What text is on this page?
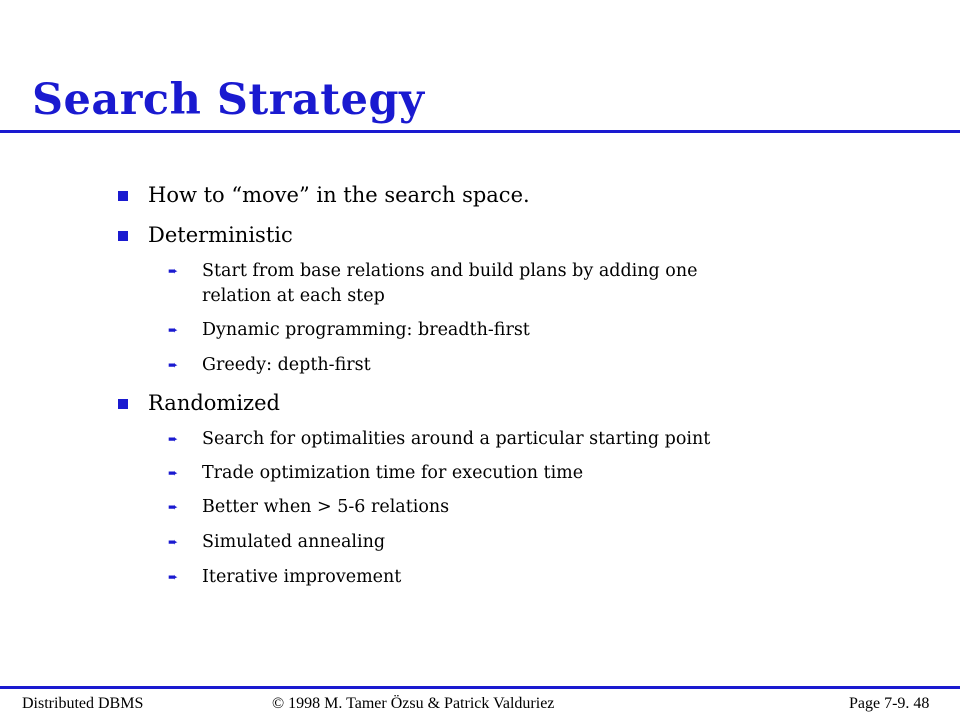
Search Strategy
How to “move” in the search space.
Deterministic
➨	Start from base relations and build plans by adding one
relation at each step
➨	Dynamic programming: breadth-first
➨	Greedy: depth-first
Randomized
➨	Search for optimalities around a particular starting point
➨	Trade optimization time for execution time
➨	Better when > 5-6 relations
➨	Simulated annealing
➨	Iterative improvement
Distributed DBMS	© 1998 M. Tamer Özsu & Patrick Valduriez	Page 7-9. 48
